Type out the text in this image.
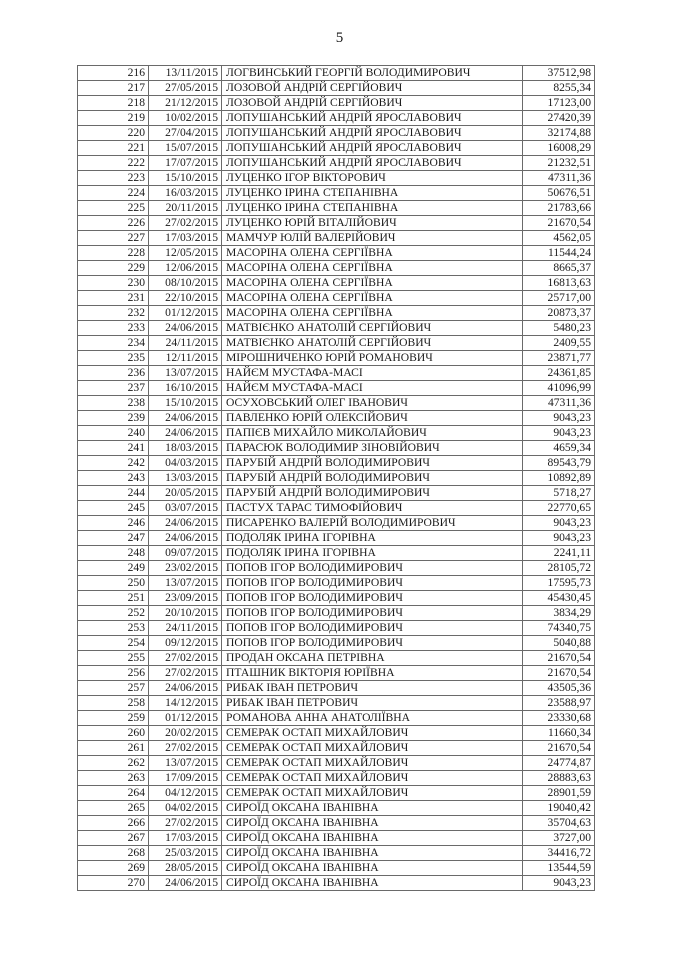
5
216	13/11/2015	ЛОГВИНСЬКИЙ ГЕОРГІЙ ВОЛОДИМИРОВИЧ	37512,98
217	27/05/2015	ЛОЗОВОЙ АНДРІЙ СЕРГІЙОВИЧ	8255,34
218	21/12/2015	ЛОЗОВОЙ АНДРІЙ СЕРГІЙОВИЧ	17123,00
219	10/02/2015	ЛОПУШАНСЬКИЙ АНДРІЙ ЯРОСЛАВОВИЧ	27420,39
220	27/04/2015	ЛОПУШАНСЬКИЙ АНДРІЙ ЯРОСЛАВОВИЧ	32174,88
221	15/07/2015	ЛОПУШАНСЬКИЙ АНДРІЙ ЯРОСЛАВОВИЧ	16008,29
222	17/07/2015	ЛОПУШАНСЬКИЙ АНДРІЙ ЯРОСЛАВОВИЧ	21232,51
223	15/10/2015	ЛУЦЕНКО ІГОР ВІКТОРОВИЧ	47311,36
224	16/03/2015	ЛУЦЕНКО ІРИНА СТЕПАНІВНА	50676,51
225	20/11/2015	ЛУЦЕНКО ІРИНА СТЕПАНІВНА	21783,66
226	27/02/2015	ЛУЦЕНКО ЮРІЙ ВІТАЛІЙОВИЧ	21670,54
227	17/03/2015	МАМЧУР ЮЛІЙ ВАЛЕРІЙОВИЧ	4562,05
228	12/05/2015	МАСОРІНА ОЛЕНА СЕРГІЇВНА	11544,24
229	12/06/2015	МАСОРІНА ОЛЕНА СЕРГІЇВНА	8665,37
230	08/10/2015	МАСОРІНА ОЛЕНА СЕРГІЇВНА	16813,63
231	22/10/2015	МАСОРІНА ОЛЕНА СЕРГІЇВНА	25717,00
232	01/12/2015	МАСОРІНА ОЛЕНА СЕРГІЇВНА	20873,37
233	24/06/2015	МАТВІЄНКО АНАТОЛІЙ СЕРГІЙОВИЧ	5480,23
234	24/11/2015	МАТВІЄНКО АНАТОЛІЙ СЕРГІЙОВИЧ	2409,55
235	12/11/2015	МІРОШНИЧЕНКО ЮРІЙ РОМАНОВИЧ	23871,77
236	13/07/2015	НАЙЄМ МУСТАФА-МАСІ	24361,85
237	16/10/2015	НАЙЄМ МУСТАФА-МАСІ	41096,99
238	15/10/2015	ОСУХОВСЬКИЙ ОЛЕГ ІВАНОВИЧ	47311,36
239	24/06/2015	ПАВЛЕНКО ЮРІЙ ОЛЕКСІЙОВИЧ	9043,23
240	24/06/2015	ПАПІЄВ МИХАЙЛО МИКОЛАЙОВИЧ	9043,23
241	18/03/2015	ПАРАСЮК ВОЛОДИМИР ЗІНОВІЙОВИЧ	4659,34
242	04/03/2015	ПАРУБІЙ АНДРІЙ ВОЛОДИМИРОВИЧ	89543,79
243	13/03/2015	ПАРУБІЙ АНДРІЙ ВОЛОДИМИРОВИЧ	10892,89
244	20/05/2015	ПАРУБІЙ АНДРІЙ ВОЛОДИМИРОВИЧ	5718,27
245	03/07/2015	ПАСТУХ ТАРАС ТИМОФІЙОВИЧ	22770,65
246	24/06/2015	ПИСАРЕНКО ВАЛЕРІЙ ВОЛОДИМИРОВИЧ	9043,23
247	24/06/2015	ПОДОЛЯК ІРИНА ІГОРІВНА	9043,23
248	09/07/2015	ПОДОЛЯК ІРИНА ІГОРІВНА	2241,11
249	23/02/2015	ПОПОВ ІГОР ВОЛОДИМИРОВИЧ	28105,72
250	13/07/2015	ПОПОВ ІГОР ВОЛОДИМИРОВИЧ	17595,73
251	23/09/2015	ПОПОВ ІГОР ВОЛОДИМИРОВИЧ	45430,45
252	20/10/2015	ПОПОВ ІГОР ВОЛОДИМИРОВИЧ	3834,29
253	24/11/2015	ПОПОВ ІГОР ВОЛОДИМИРОВИЧ	74340,75
254	09/12/2015	ПОПОВ ІГОР ВОЛОДИМИРОВИЧ	5040,88
255	27/02/2015	ПРОДАН ОКСАНА ПЕТРІВНА	21670,54
256	27/02/2015	ПТАШНИК ВІКТОРІЯ ЮРІЇВНА	21670,54
257	24/06/2015	РИБАК ІВАН ПЕТРОВИЧ	43505,36
258	14/12/2015	РИБАК ІВАН ПЕТРОВИЧ	23588,97
259	01/12/2015	РОМАНОВА АННА АНАТОЛІЇВНА	23330,68
260	20/02/2015	СЕМЕРАК ОСТАП МИХАЙЛОВИЧ	11660,34
261	27/02/2015	СЕМЕРАК ОСТАП МИХАЙЛОВИЧ	21670,54
262	13/07/2015	СЕМЕРАК ОСТАП МИХАЙЛОВИЧ	24774,87
263	17/09/2015	СЕМЕРАК ОСТАП МИХАЙЛОВИЧ	28883,63
264	04/12/2015	СЕМЕРАК ОСТАП МИХАЙЛОВИЧ	28901,59
265	04/02/2015	СИРОЇД ОКСАНА ІВАНІВНА	19040,42
266	27/02/2015	СИРОЇД ОКСАНА ІВАНІВНА	35704,63
267	17/03/2015	СИРОЇД ОКСАНА ІВАНІВНА	3727,00
268	25/03/2015	СИРОЇД ОКСАНА ІВАНІВНА	34416,72
269	28/05/2015	СИРОЇД ОКСАНА ІВАНІВНА	13544,59
270	24/06/2015	СИРОЇД ОКСАНА ІВАНІВНА	9043,23
